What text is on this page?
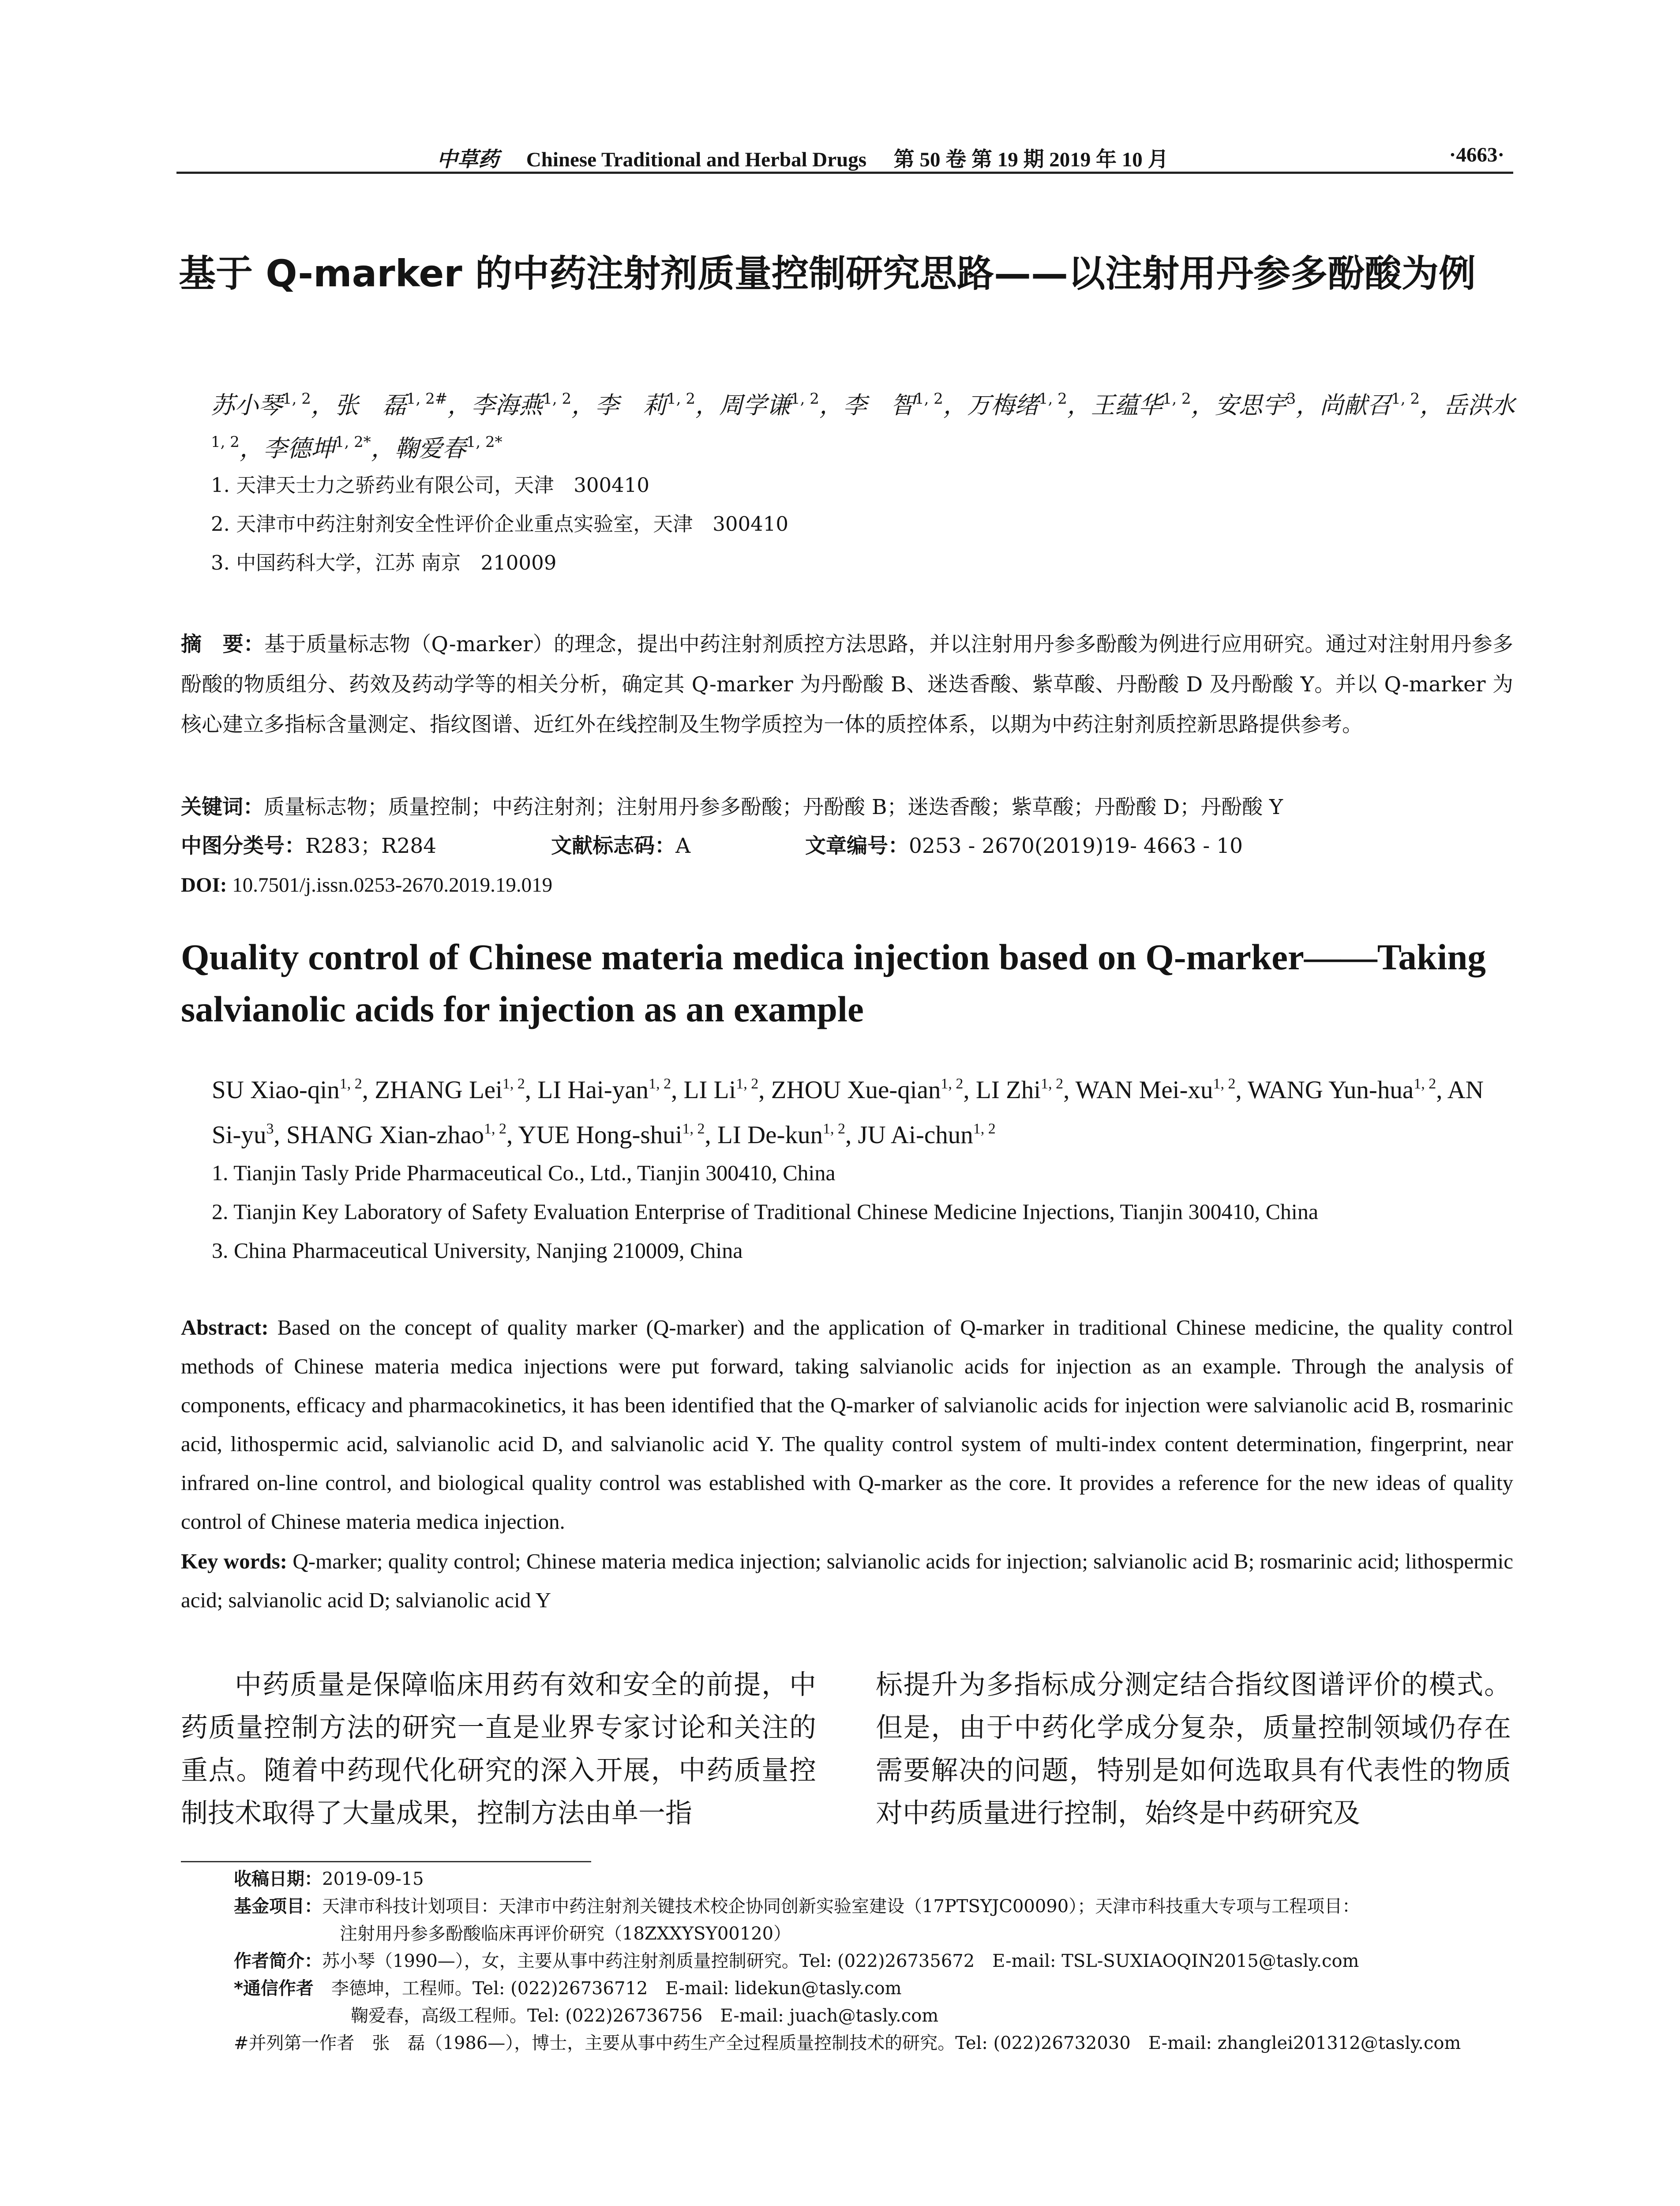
中草药 Chinese Traditional and Herbal Drugs 第 50 卷 第 19 期 2019 年 10 月	·4663·
基于 Q-marker 的中药注射剂质量控制研究思路——以注射用丹参多酚酸为例
苏小琴$^{1, 2}$，张　磊$^{1, 2\#}$，李海燕$^{1, 2}$，李　莉$^{1, 2}$，周学谦$^{1, 2}$，李　智$^{1, 2}$，万梅绪$^{1, 2}$，王蕴华$^{1, 2}$，安思宇$^3$，尚献召$^{1, 2}$，岳洪水$^{1, 2}$，李德坤$^{1, 2*}$，鞠爱春$^{1, 2*}$
1. 天津天士力之骄药业有限公司，天津　300410
2. 天津市中药注射剂安全性评价企业重点实验室，天津　300410
3. 中国药科大学，江苏 南京　210009
摘　要：基于质量标志物（Q-marker）的理念，提出中药注射剂质控方法思路，并以注射用丹参多酚酸为例进行应用研究。通过对注射用丹参多酚酸的物质组分、药效及药动学等的相关分析，确定其 Q-marker 为丹酚酸 B、迷迭香酸、紫草酸、丹酚酸 D 及丹酚酸 Y。并以 Q-marker 为核心建立多指标含量测定、指纹图谱、近红外在线控制及生物学质控为一体的质控体系，以期为中药注射剂质控新思路提供参考。
关键词：质量标志物；质量控制；中药注射剂；注射用丹参多酚酸；丹酚酸 B；迷迭香酸；紫草酸；丹酚酸 D；丹酚酸 Y
中图分类号：R283；R284	文献标志码：A	文章编号：0253 - 2670(2019)19- 4663 - 10
DOI: 10.7501/j.issn.0253-2670.2019.19.019
Quality control of Chinese materia medica injection based on Q-marker——Taking salvianolic acids for injection as an example
SU Xiao-qin$^{1, 2}$, ZHANG Lei$^{1, 2}$, LI Hai-yan$^{1, 2}$, LI Li$^{1, 2}$, ZHOU Xue-qian$^{1, 2}$, LI Zhi$^{1, 2}$, WAN Mei-xu$^{1, 2}$, WANG Yun-hua$^{1, 2}$, AN $Si-yu^3$, SHANG Xian-zhao$^{1, 2}$, YUE Hong-shui$^{1, 2}$, LI De-kun$^{1, 2}$, JU Ai-chun$^{1, 2}$
1. Tianjin Tasly Pride Pharmaceutical Co., Ltd., Tianjin 300410, China
2. Tianjin Key Laboratory of Safety Evaluation Enterprise of Traditional Chinese Medicine Injections, Tianjin 300410, China
3. China Pharmaceutical University, Nanjing 210009, China
Abstract: Based on the concept of quality marker (Q-marker) and the application of Q-marker in traditional Chinese medicine, the quality control methods of Chinese materia medica injections were put forward, taking salvianolic acids for injection as an example. Through the analysis of components, efficacy and pharmacokinetics, it has been identified that the Q-marker of salvianolic acids for injection were salvianolic acid B, rosmarinic acid, lithospermic acid, salvianolic acid D, and salvianolic acid Y. The quality control system of multi-index content determination, fingerprint, near infrared on-line control, and biological quality control was established with Q-marker as the core. It provides a reference for the new ideas of quality control of Chinese materia medica injection.
Key words: Q-marker; quality control; Chinese materia medica injection; salvianolic acids for injection; salvianolic acid B; rosmarinic acid; lithospermic acid; salvianolic acid D; salvianolic acid Y
中药质量是保障临床用药有效和安全的前提，中药质量控制方法的研究一直是业界专家讨论和关注的重点。随着中药现代化研究的深入开展，中药质量控制技术取得了大量成果，控制方法由单一指
标提升为多指标成分测定结合指纹图谱评价的模式。但是，由于中药化学成分复杂，质量控制领域仍存在需要解决的问题，特别是如何选取具有代表性的物质对中药质量进行控制，始终是中药研究及
收稿日期：2019-09-15
基金项目：天津市科技计划项目：天津市中药注射剂关键技术校企协同创新实验室建设（17PTSYJC00090）；天津市科技重大专项与工程项目：
注射用丹参多酚酸临床再评价研究（18ZXXYSY00120）
作者简介：苏小琴（1990—），女，主要从事中药注射剂质量控制研究。Tel: (022)26735672　E-mail: TSL-SUXIAOQIN2015@tasly.com
*通信作者　 李德坤，工程师。Tel: (022)26736712　E-mail: lidekun@tasly.com
鞠爱春，高级工程师。Tel: (022)26736756　E-mail: juach@tasly.com
#并列第一作者　张　磊（1986—），博士，主要从事中药生产全过程质量控制技术的研究。Tel: (022)26732030　E-mail: zhanglei201312@tasly.com
